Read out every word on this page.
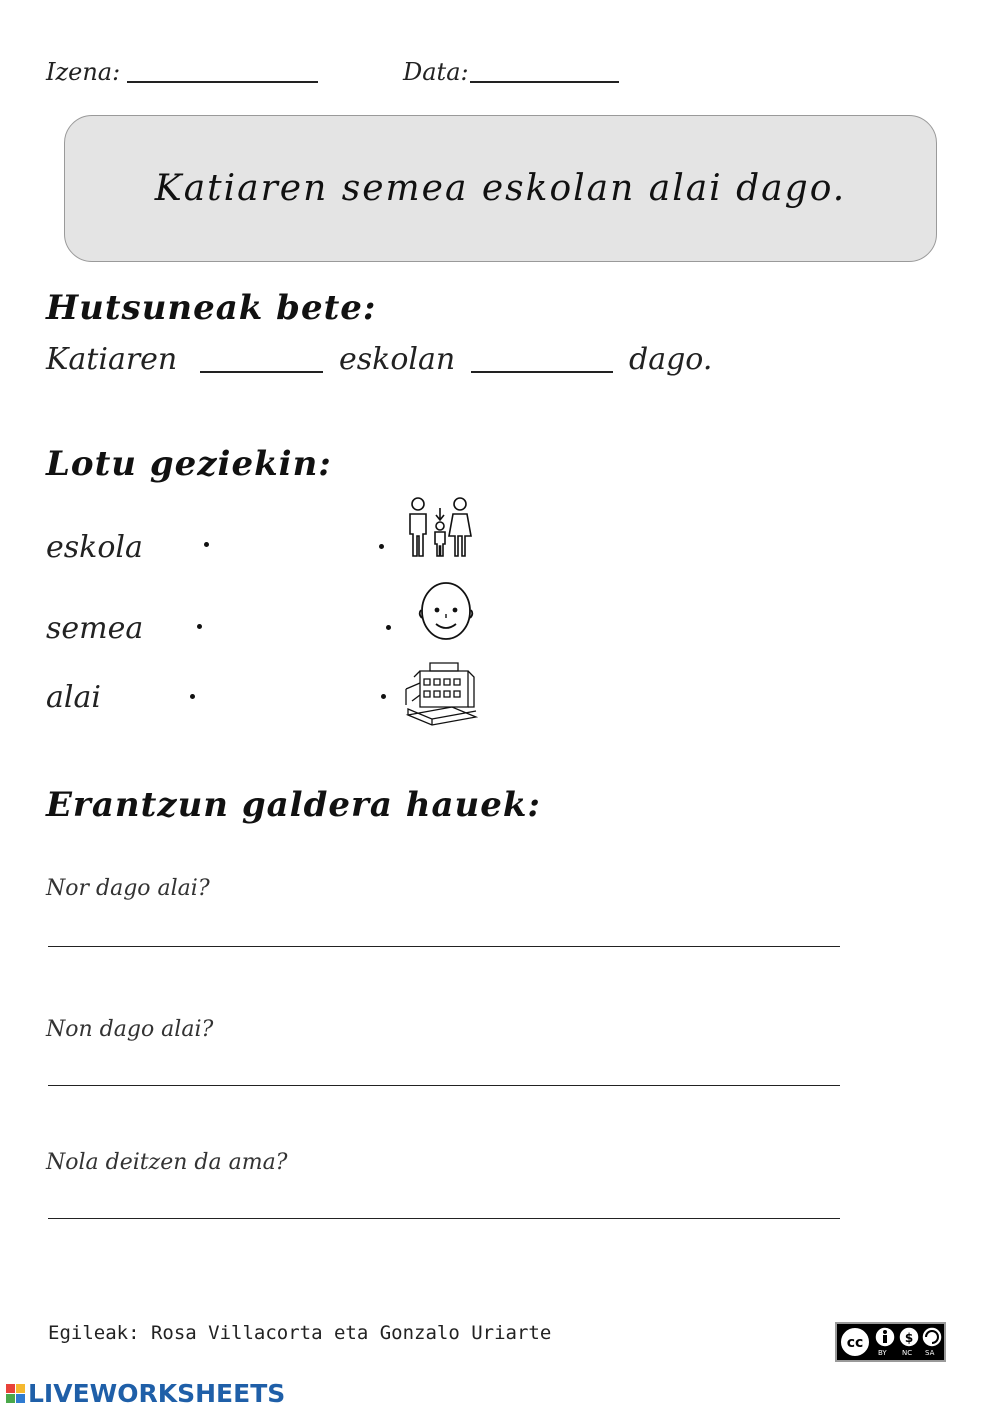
Izena:	Data:
Katiaren semea eskolan alai dago.
Hutsuneak bete:
Katiaren	eskolan	dago.
Lotu geziekin:
eskola
semea
alai
Erantzun galdera hauek:
Nor dago alai?
Non dago alai?
Nola deitzen da ama?
Egileak: Rosa Villacorta eta Gonzalo Uriarte	cc	$
BY NC SA
LIVEWORKSHEETS
